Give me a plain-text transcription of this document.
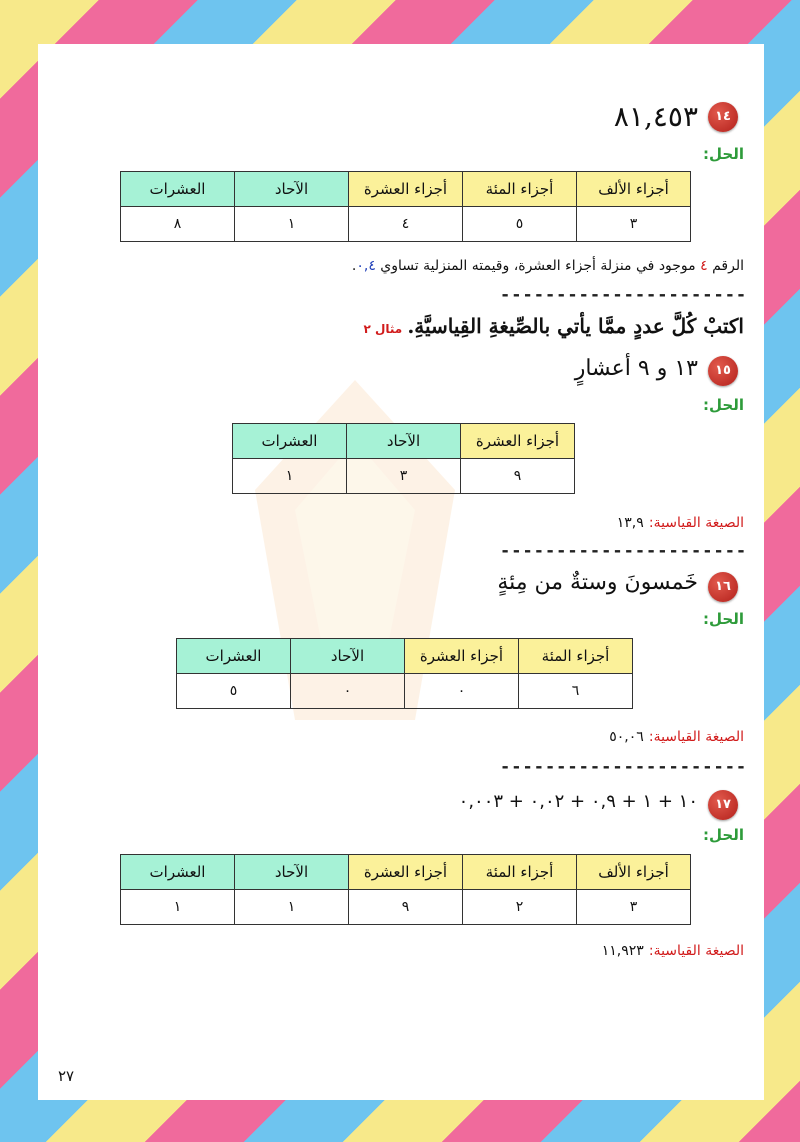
١٤
٨١,٤٥٣
الحل:
أجزاء الألف	أجزاء المئة	أجزاء العشرة	الآحاد	العشرات
٣	٥	٤	١	٨
الرقم ٤ موجود في منزلة أجزاء العشرة، وقيمته المنزلية تساوي ٠,٤.
----------------------
اكتبْ كُلَّ عددٍ ممَّا يأتي بالصِّيغةِ القِياسيَّةِ. مثال ٢
١٥
١٣ و ٩ أعشارٍ
الحل:
أجزاء العشرة	الآحاد	العشرات
٩	٣	١
الصيغة القياسية: ١٣,٩
----------------------
١٦
خَمسونَ وستةٌ من مِئةٍ
الحل:
أجزاء المئة	أجزاء العشرة	الآحاد	العشرات
٦	٠	٠	٥
الصيغة القياسية: ٥٠,٠٦
----------------------
١٧
١٠ + ١ + ٠,٩ + ٠,٠٢ + ٠,٠٠٣
الحل:
أجزاء الألف	أجزاء المئة	أجزاء العشرة	الآحاد	العشرات
٣	٢	٩	١	١
الصيغة القياسية: ١١,٩٢٣
٢٧
